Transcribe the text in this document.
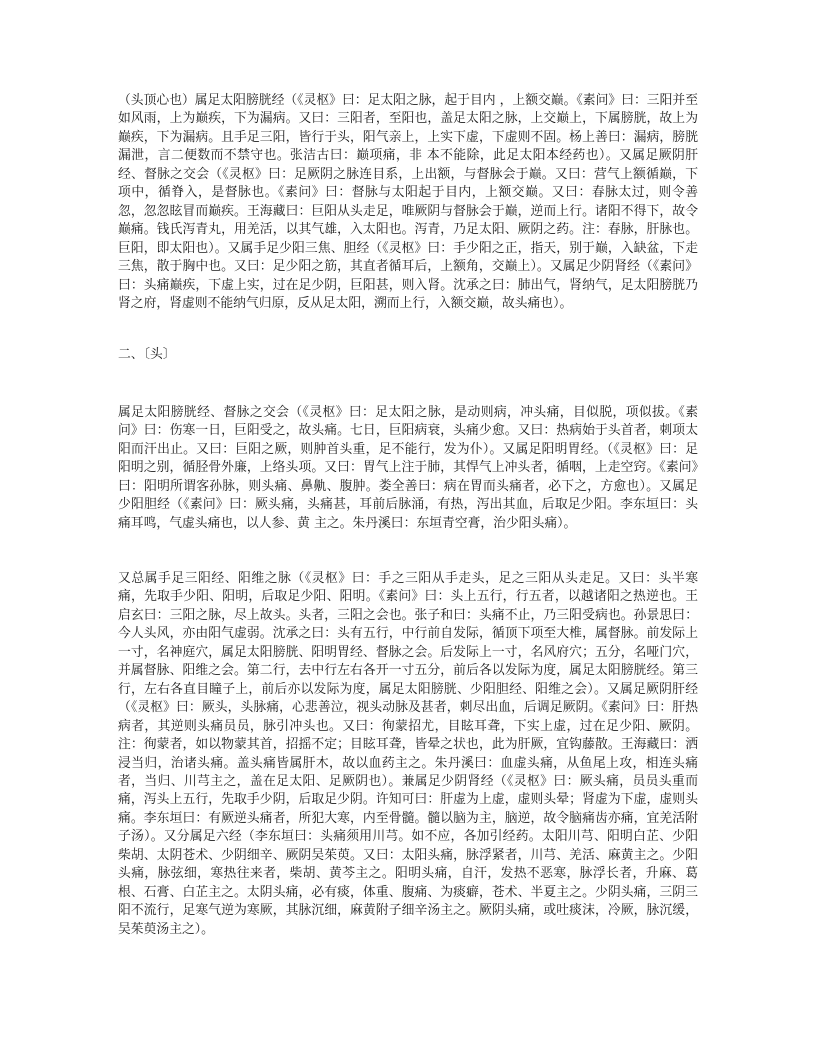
（头顶心也）属足太阳膀胱经（《灵枢》曰：足太阳之脉，起于目内 ，上额交巅。《素问》曰：三阳并至如风雨，上为巅疾，下为漏病。又曰：三阳者，至阳也，盖足太阳之脉，上交巅上，下属膀胱，故上为巅疾，下为漏病。且手足三阳，皆行于头，阳气亲上，上实下虚，下虚则不固。杨上善曰：漏病，膀胱漏泄，言二便数而不禁守也。张洁古曰：巅项痛，非 本不能除，此足太阳本经药也）。又属足厥阴肝经、督脉之交会（《灵枢》曰：足厥阴之脉连目系，上出额，与督脉会于巅。又曰：营气上额循巅，下项中，循脊入，是督脉也。《素问》曰：督脉与太阳起于目内，上额交巅。又曰：春脉太过，则令善忽，忽忽眩冒而巅疾。王海藏曰：巨阳从头走足，唯厥阴与督脉会于巅，逆而上行。诸阳不得下，故令巅痛。钱氏泻青丸，用羌活，以其气雄，入太阳也。泻青，乃足太阳、厥阴之药。注：春脉，肝脉也。巨阳，即太阳也）。又属手足少阳三焦、胆经（《灵枢》曰：手少阳之正，指天，别于巅，入缺盆，下走三焦，散于胸中也。又曰：足少阳之筋，其直者循耳后，上额角，交巅上）。又属足少阴肾经（《素问》曰：头痛巅疾，下虚上实，过在足少阴，巨阳甚，则入肾。沈承之曰：肺出气，肾纳气，足太阳膀胱乃肾之府，肾虚则不能纳气归原，反从足太阳，溯而上行，入额交巅，故头痛也）。

二、〔头〕

属足太阳膀胱经、督脉之交会（《灵枢》曰：足太阳之脉，是动则病，冲头痛，目似脱，项似拔。《素问》曰：伤寒一日，巨阳受之，故头痛。七日，巨阳病衰，头痛少愈。又曰：热病始于头首者，刺项太阳而汗出止。又曰：巨阳之厥，则肿首头重，足不能行，发为仆）。又属足阳明胃经。（《灵枢》曰：足阳明之别，循胫骨外廉，上络头项。又曰：胃气上注于肺，其悍气上冲头者，循咽，上走空窍。《素问》曰：阳明所谓客孙脉，则头痛、鼻鼽、腹肿。娄全善曰：病在胃而头痛者，必下之，方愈也）。又属足少阳胆经（《素问》曰：厥头痛，头痛甚，耳前后脉涌，有热，泻出其血，后取足少阳。李东垣曰：头痛耳鸣，气虚头痛也，以人参、黄 主之。朱丹溪曰：东垣青空膏，治少阳头痛）。

又总属手足三阳经、阳维之脉（《灵枢》曰：手之三阳从手走头，足之三阳从头走足。又曰：头半寒痛，先取手少阳、阳明，后取足少阳、阳明。《素问》曰：头上五行，行五者，以越诸阳之热逆也。王启玄曰：三阳之脉，尽上故头。头者，三阳之会也。张子和曰：头痛不止，乃三阳受病也。孙景思曰：今人头风，亦由阳气虚弱。沈承之曰：头有五行，中行前自发际，循顶下项至大椎，属督脉。前发际上一寸，名神庭穴，属足太阳膀胱、阳明胃经、督脉之会。后发际上一寸，名风府穴；五分，名哑门穴，并属督脉、阳维之会。第二行，去中行左右各开一寸五分，前后各以发际为度，属足太阳膀胱经。第三行，左右各直目瞳子上，前后亦以发际为度，属足太阳膀胱、少阳胆经、阳维之会）。又属足厥阴肝经（《灵枢》曰：厥头，头脉痛，心悲善泣，视头动脉及甚者，刺尽出血，后调足厥阴。《素问》曰：肝热病者，其逆则头痛员员，脉引冲头也。又曰：徇蒙招尤，目眩耳聋，下实上虚，过在足少阳、厥阴。注：徇蒙者，如以物蒙其首，招摇不定；目眩耳聋，皆晕之状也，此为肝厥，宜钩藤散。王海藏曰：洒浸当归，治诸头痛。盖头痛皆属肝木，故以血药主之。朱丹溪曰：血虚头痛，从鱼尾上攻，相连头痛者，当归、川芎主之，盖在足太阳、足厥阴也）。兼属足少阴肾经（《灵枢》曰：厥头痛，员员头重而痛，泻头上五行，先取手少阴，后取足少阴。许知可曰：肝虚为上虚，虚则头晕；肾虚为下虚，虚则头痛。李东垣曰：有厥逆头痛者，所犯大寒，内至骨髓。髓以脑为主，脑逆，故令脑痛齿亦痛，宜羌活附子汤）。又分属足六经（李东垣曰：头痛须用川芎。如不应，各加引经药。太阳川芎、阳明白芷、少阳柴胡、太阴苍术、少阴细辛、厥阴吴茱萸。又曰：太阳头痛，脉浮紧者，川芎、羌活、麻黄主之。少阳头痛，脉弦细，寒热往来者，柴胡、黄芩主之。阳明头痛，自汗，发热不恶寒，脉浮长者，升麻、葛根、石膏、白芷主之。太阴头痛，必有痰，体重、腹痛、为痰癖，苍术、半夏主之。少阴头痛，三阴三阳不流行，足寒气逆为寒厥，其脉沉细，麻黄附子细辛汤主之。厥阴头痛，或吐痰沫，冷厥，脉沉缓，吴茱萸汤主之）。
